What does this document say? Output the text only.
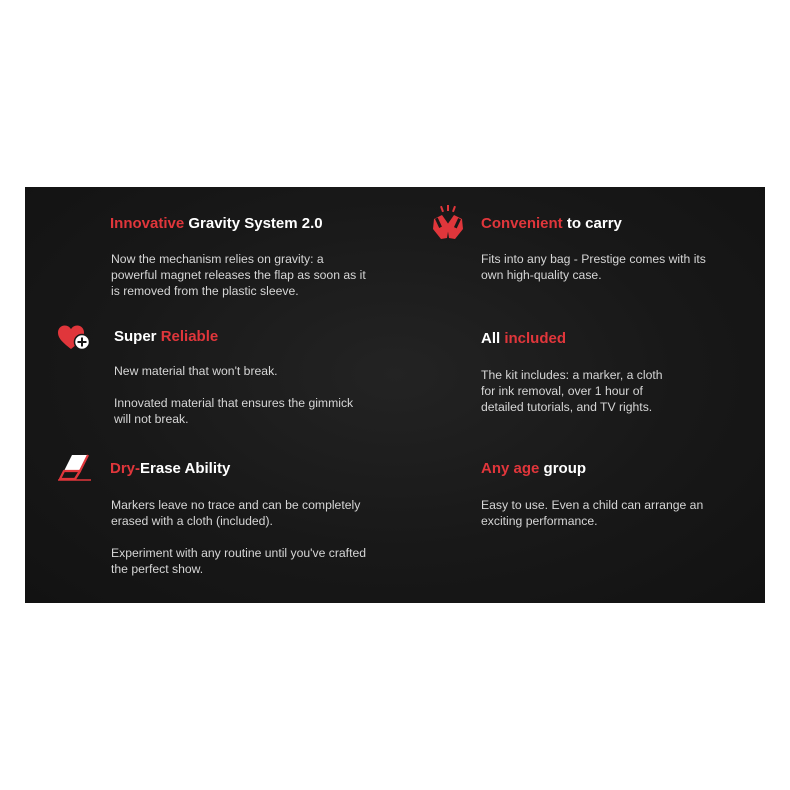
Innovative Gravity System 2.0

Now the mechanism relies on gravity: a powerful magnet releases the flap as soon as it is removed from the plastic sleeve.

Convenient to carry

Fits into any bag - Prestige comes with its own high-quality case.

Super Reliable

New material that won't break.

Innovated material that ensures the gimmick will not break.

All included

The kit includes: a marker, a cloth for ink removal, over 1 hour of detailed tutorials, and TV rights.

Dry-Erase Ability

Markers leave no trace and can be completely erased with a cloth (included).

Experiment with any routine until you've crafted the perfect show.

Any age group

Easy to use. Even a child can arrange an exciting performance.
